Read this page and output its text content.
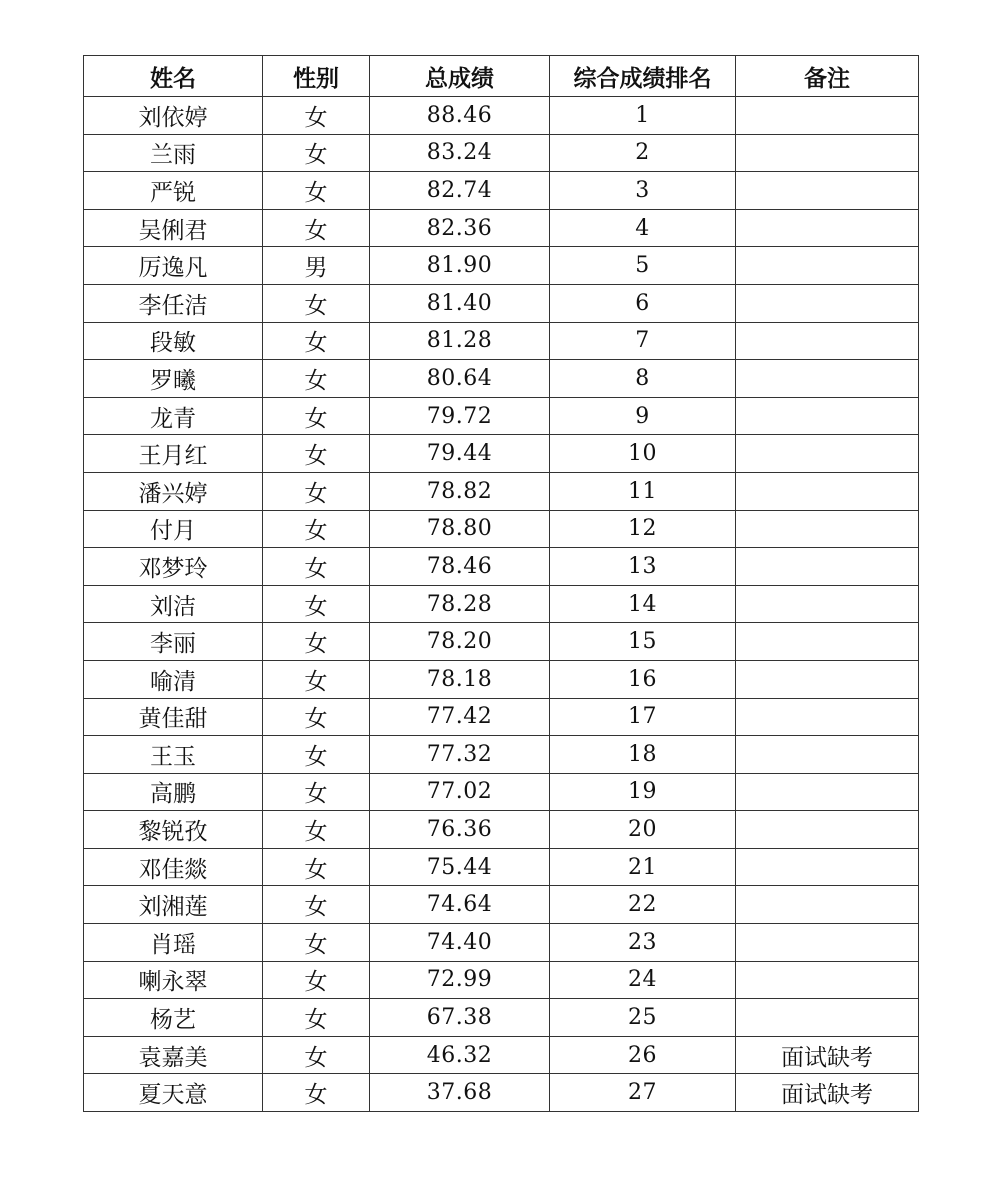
姓名	性别	总成绩	综合成绩排名	备注
刘依婷	女	88.46	1	
兰雨	女	83.24	2	
严锐	女	82.74	3	
吴俐君	女	82.36	4	
厉逸凡	男	81.90	5	
李任洁	女	81.40	6	
段敏	女	81.28	7	
罗曦	女	80.64	8	
龙青	女	79.72	9	
王月红	女	79.44	10	
潘兴婷	女	78.82	11	
付月	女	78.80	12	
邓梦玲	女	78.46	13	
刘洁	女	78.28	14	
李丽	女	78.20	15	
喻清	女	78.18	16	
黄佳甜	女	77.42	17	
王玉	女	77.32	18	
高鹏	女	77.02	19	
黎锐孜	女	76.36	20	
邓佳燚	女	75.44	21	
刘湘莲	女	74.64	22	
肖瑶	女	74.40	23	
喇永翠	女	72.99	24	
杨艺	女	67.38	25	
袁嘉美	女	46.32	26	面试缺考
夏天意	女	37.68	27	面试缺考
